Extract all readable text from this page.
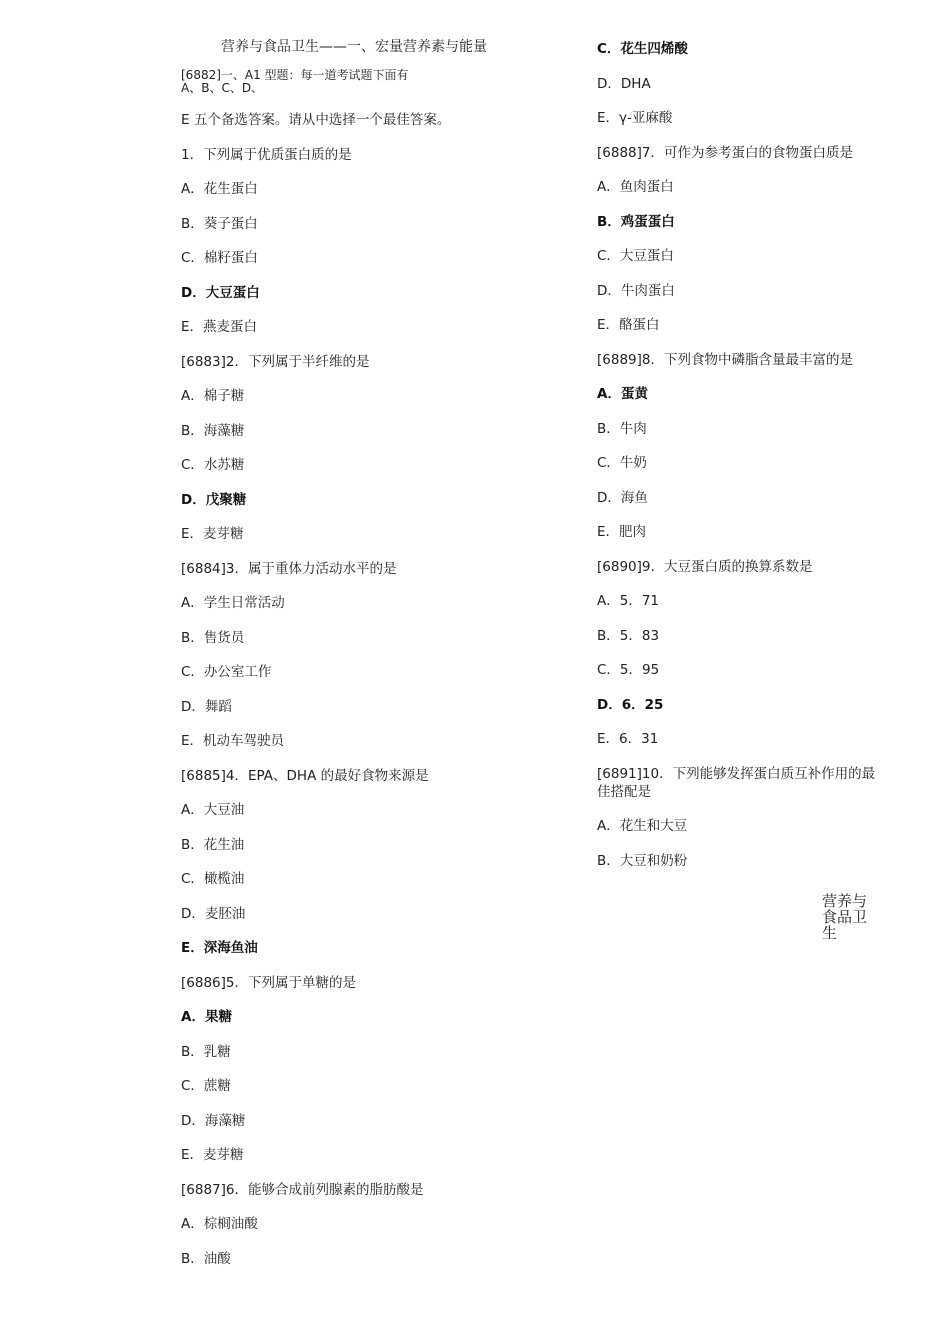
营养与食品卫生——一、宏量营养素与能量
[6882]一、A1 型题：每一道考试题下面有
A、B、C、D、
E 五个备选答案。请从中选择一个最佳答案。
1．下列属于优质蛋白质的是
A．花生蛋白
B．葵子蛋白
C．棉籽蛋白
D．大豆蛋白
E．燕麦蛋白
[6883]2．下列属于半纤维的是
A．棉子糖
B．海藻糖
C．水苏糖
D．戊聚糖
E．麦芽糖
[6884]3．属于重体力活动水平的是
A．学生日常活动
B．售货员
C．办公室工作
D．舞蹈
E．机动车驾驶员
[6885]4．EPA、DHA 的最好食物来源是
A．大豆油
B．花生油
C．橄榄油
D．麦胚油
E．深海鱼油
[6886]5．下列属于单糖的是
A．果糖
B．乳糖
C．蔗糖
D．海藻糖
E．麦芽糖
[6887]6．能够合成前列腺素的脂肪酸是
A．棕榈油酸
B．油酸
C．花生四烯酸
D．DHA
E．γ-亚麻酸
[6888]7．可作为参考蛋白的食物蛋白质是
A．鱼肉蛋白
B．鸡蛋蛋白
C．大豆蛋白
D．牛肉蛋白
E．酪蛋白
[6889]8．下列食物中磷脂含量最丰富的是
A．蛋黄
B．牛肉
C．牛奶
D．海鱼
E．肥肉
[6890]9．大豆蛋白质的换算系数是
A．5．71
B．5．83
C．5．95
D．6．25
E．6．31
[6891]10．下列能够发挥蛋白质互补作用的最佳搭配是
A．花生和大豆
B．大豆和奶粉
营养与食品卫生
